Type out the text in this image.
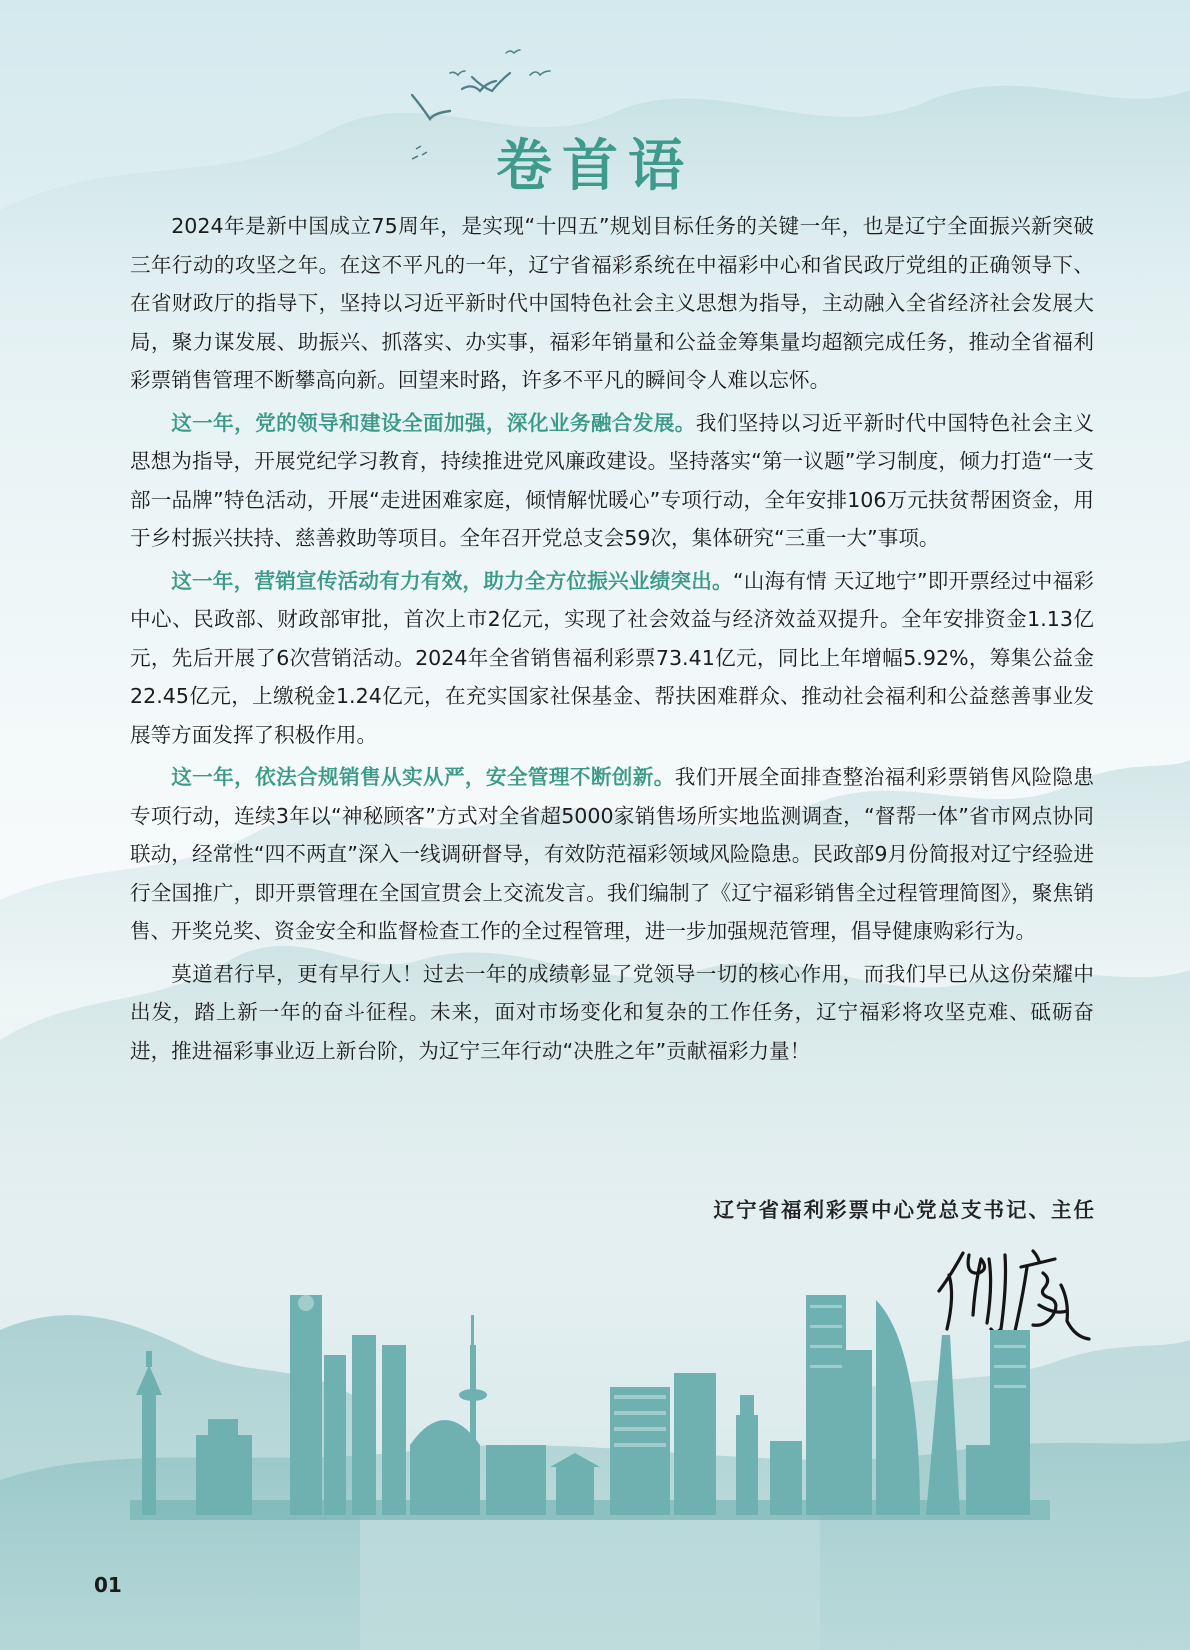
卷首语

2024年是新中国成立75周年，是实现“十四五”规划目标任务的关键一年，也是辽宁全面振兴新突破三年行动的攻坚之年。在这不平凡的一年，辽宁省福彩系统在中福彩中心和省民政厅党组的正确领导下、在省财政厅的指导下，坚持以习近平新时代中国特色社会主义思想为指导，主动融入全省经济社会发展大局，聚力谋发展、助振兴、抓落实、办实事，福彩年销量和公益金筹集量均超额完成任务，推动全省福利彩票销售管理不断攀高向新。回望来时路，许多不平凡的瞬间令人难以忘怀。

这一年，党的领导和建设全面加强，深化业务融合发展。我们坚持以习近平新时代中国特色社会主义思想为指导，开展党纪学习教育，持续推进党风廉政建设。坚持落实“第一议题”学习制度，倾力打造“一支部一品牌”特色活动，开展“走进困难家庭，倾情解忧暖心”专项行动，全年安排106万元扶贫帮困资金，用于乡村振兴扶持、慈善救助等项目。全年召开党总支会59次，集体研究“三重一大”事项。

这一年，营销宣传活动有力有效，助力全方位振兴业绩突出。“山海有情 天辽地宁”即开票经过中福彩中心、民政部、财政部审批，首次上市2亿元，实现了社会效益与经济效益双提升。全年安排资金1.13亿元，先后开展了6次营销活动。2024年全省销售福利彩票73.41亿元，同比上年增幅5.92%，筹集公益金22.45亿元，上缴税金1.24亿元，在充实国家社保基金、帮扶困难群众、推动社会福利和公益慈善事业发展等方面发挥了积极作用。

这一年，依法合规销售从实从严，安全管理不断创新。我们开展全面排查整治福利彩票销售风险隐患专项行动，连续3年以“神秘顾客”方式对全省超5000家销售场所实地监测调查，“督帮一体”省市网点协同联动，经常性“四不两直”深入一线调研督导，有效防范福彩领域风险隐患。民政部9月份简报对辽宁经验进行全国推广，即开票管理在全国宣贯会上交流发言。我们编制了《辽宁福彩销售全过程管理简图》，聚焦销售、开奖兑奖、资金安全和监督检查工作的全过程管理，进一步加强规范管理，倡导健康购彩行为。

莫道君行早，更有早行人！过去一年的成绩彰显了党领导一切的核心作用，而我们早已从这份荣耀中出发，踏上新一年的奋斗征程。未来，面对市场变化和复杂的工作任务，辽宁福彩将攻坚克难、砥砺奋进，推进福彩事业迈上新台阶，为辽宁三年行动“决胜之年”贡献福彩力量！

辽宁省福利彩票中心党总支书记、主任

01
